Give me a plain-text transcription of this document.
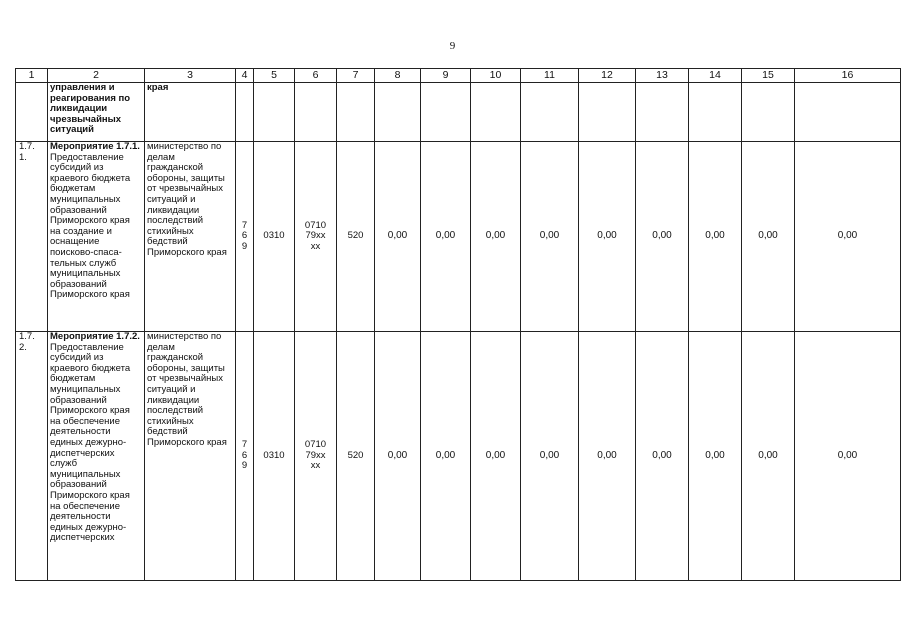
9
1	2	3	4	5	6	7	8	9	10	11	12	13	14	15	16
	управления и реагирования по ликвидации чрезвычайных ситуаций	края													
1.7. 1.	Мероприятие 1.7.1. Предоставление субсидий из краевого бюджета бюджетам муниципальных образований Приморского края на создание и оснащение поисково-спаса-тельных служб муниципальных образований Приморского края	министерство по делам гражданской обороны, защиты от чрезвычайных ситуаций и ликвидации последствий стихийных бедствий Приморского края	769	0310	0710 79xx xx	520	0,00	0,00	0,00	0,00	0,00	0,00	0,00	0,00	0,00
1.7. 2.	Мероприятие 1.7.2. Предоставление субсидий из краевого бюджета бюджетам муниципальных образований Приморского края на обеспечение деятельности единых дежурно-диспетчерских служб муниципальных образований Приморского края на обеспечение деятельности единых дежурно-диспетчерских	министерство по делам гражданской обороны, защиты от чрезвычайных ситуаций и ликвидации последствий стихийных бедствий Приморского края	769	0310	0710 79xx xx	520	0,00	0,00	0,00	0,00	0,00	0,00	0,00	0,00	0,00
